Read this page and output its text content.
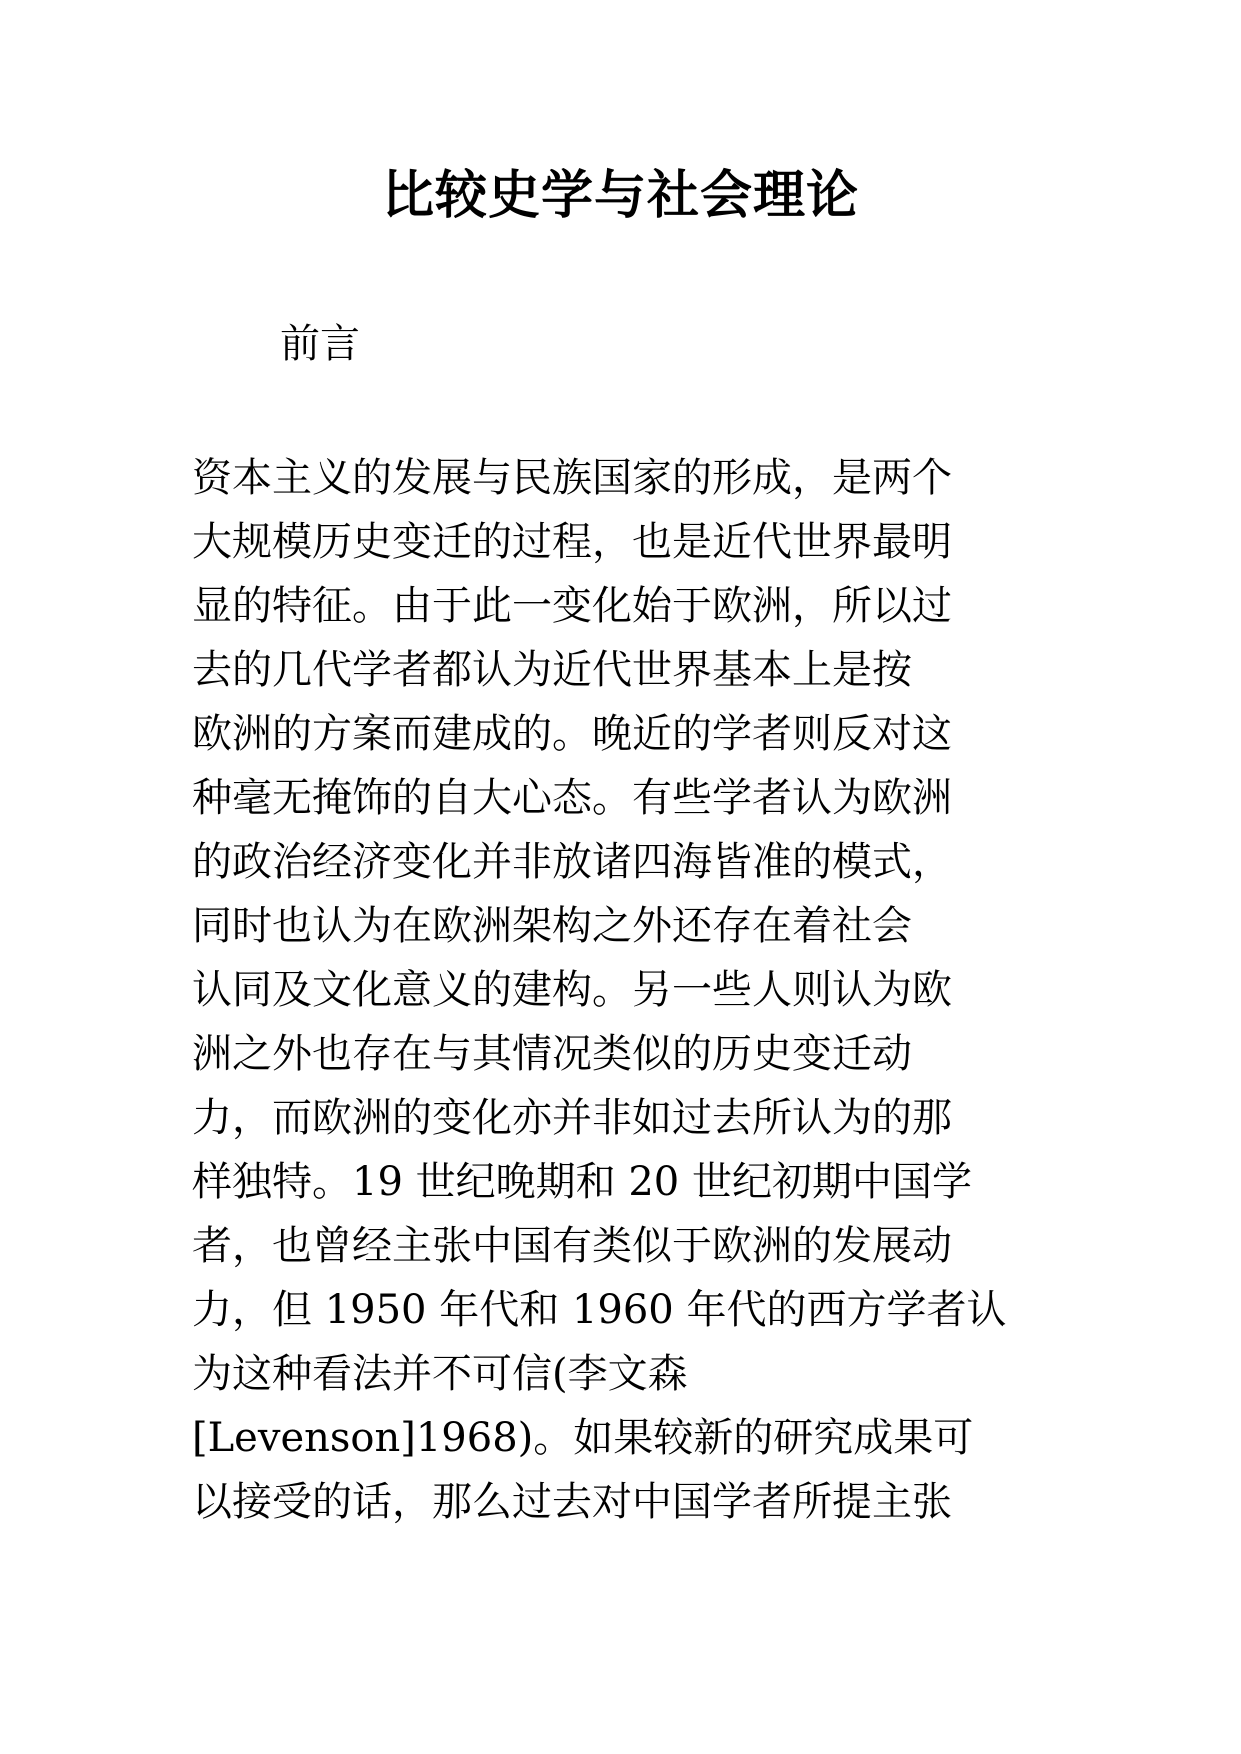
比较史学与社会理论
前言
资本主义的发展与民族国家的形成，是两个
大规模历史变迁的过程，也是近代世界最明
显的特征。由于此一变化始于欧洲，所以过
去的几代学者都认为近代世界基本上是按
欧洲的方案而建成的。晚近的学者则反对这
种毫无掩饰的自大心态。有些学者认为欧洲
的政治经济变化并非放诸四海皆准的模式，
同时也认为在欧洲架构之外还存在着社会
认同及文化意义的建构。另一些人则认为欧
洲之外也存在与其情况类似的历史变迁动
力，而欧洲的变化亦并非如过去所认为的那
样独特。19 世纪晚期和 20 世纪初期中国学
者，也曾经主张中国有类似于欧洲的发展动
力，但 1950 年代和 1960 年代的西方学者认
为这种看法并不可信(李文森
[Levenson]1968)。如果较新的研究成果可
以接受的话，那么过去对中国学者所提主张
